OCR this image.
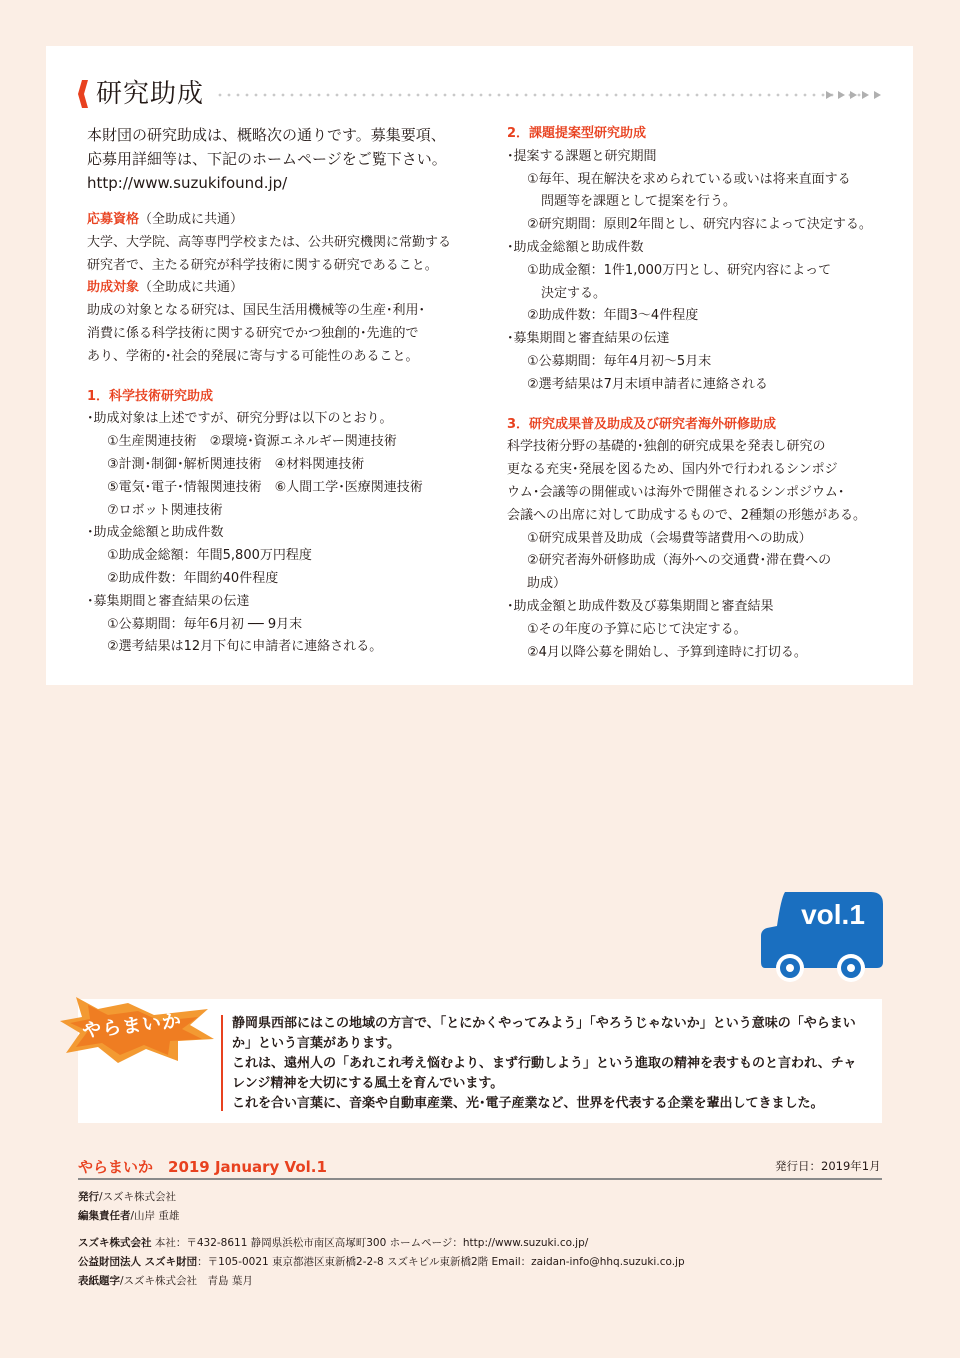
研究助成
本財団の研究助成は、概略次の通りです。募集要項、
応募用詳細等は、下記のホームページをご覧下さい。
http://www.suzukifound.jp/
応募資格（全助成に共通）
大学、大学院、高等専門学校または、公共研究機関に常勤する
研究者で、主たる研究が科学技術に関する研究であること。
助成対象（全助成に共通）
助成の対象となる研究は、国民生活用機械等の生産･利用･
消費に係る科学技術に関する研究でかつ独創的･先進的で
あり、学術的･社会的発展に寄与する可能性のあること。
1．科学技術研究助成
･助成対象は上述ですが、研究分野は以下のとおり。
①生産関連技術　②環境･資源エネルギー関連技術
③計測･制御･解析関連技術　④材料関連技術
⑤電気･電子･情報関連技術　⑥人間工学･医療関連技術
⑦ロボット関連技術
･助成金総額と助成件数
①助成金総額：年間5,800万円程度
②助成件数：年間約40件程度
･募集期間と審査結果の伝達
①公募期間：毎年6月初 ── 9月末
②選考結果は12月下旬に申請者に連絡される。
2．課題提案型研究助成
･提案する課題と研究期間
①毎年、現在解決を求められている或いは将来直面する
問題等を課題として提案を行う。
②研究期間：原則2年間とし、研究内容によって決定する。
･助成金総額と助成件数
①助成金額：1件1,000万円とし、研究内容によって
決定する。
②助成件数：年間3～4件程度
･募集期間と審査結果の伝達
①公募期間：毎年4月初～5月末
②選考結果は7月末頃申請者に連絡される
3．研究成果普及助成及び研究者海外研修助成
科学技術分野の基礎的･独創的研究成果を発表し研究の
更なる充実･発展を図るため、国内外で行われるシンポジ
ウム･会議等の開催或いは海外で開催されるシンポジウム･
会議への出席に対して助成するもので、2種類の形態がある。
①研究成果普及助成（会場費等諸費用への助成）
②研究者海外研修助成（海外への交通費･滞在費への
助成）
･助成金額と助成件数及び募集期間と審査結果
①その年度の予算に応じて決定する。
②4月以降公募を開始し、予算到達時に打切る。
vol.1
やらまいか	静岡県西部にはこの地域の方言で、「とにかくやってみよう」「やろうじゃないか」という意味の「やらまい
か」という言葉があります。
これは、遠州人の「あれこれ考え悩むより、まず行動しよう」という進取の精神を表すものと言われ、チャ
レンジ精神を大切にする風土を育んでいます。
これを合い言葉に、音楽や自動車産業、光･電子産業など、世界を代表する企業を輩出してきました。
やらまいか　2019 January Vol.1	発行日：2019年1月
発行/スズキ株式会社
編集責任者/山岸 重雄
スズキ株式会社 本社：〒432-8611 静岡県浜松市南区高塚町300 ホームページ：http://www.suzuki.co.jp/
公益財団法人 スズキ財団：〒105-0021 東京都港区東新橋2-2-8 スズキビル東新橋2階 Email：zaidan-info@hhq.suzuki.co.jp
表紙題字/スズキ株式会社　青島 葉月
